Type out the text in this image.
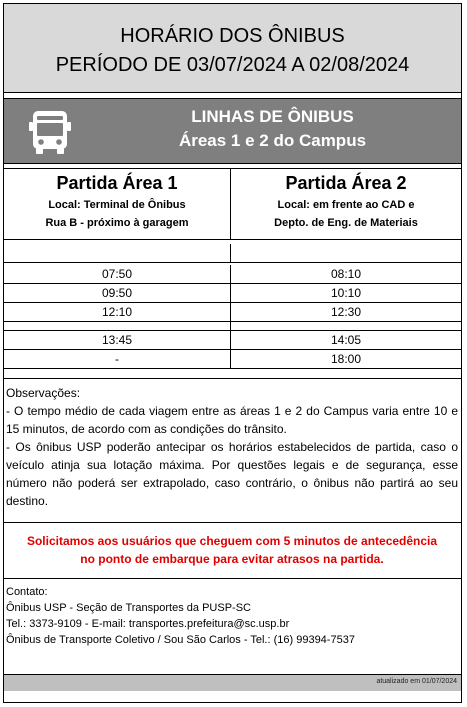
HORÁRIO DOS ÔNIBUS
PERÍODO DE 03/07/2024 A 02/08/2024
LINHAS DE ÔNIBUS
Áreas 1 e 2 do Campus
Partida Área 1
Local: Terminal de Ônibus
Rua B - próximo à garagem
Partida Área 2
Local: em frente ao CAD e
Depto. de Eng. de Materiais
07:50	08:10
09:50	10:10
12:10	12:30
13:45	14:05
-	18:00

Observações:

- O tempo médio de cada viagem entre as áreas 1 e 2 do Campus varia entre 10 e 15 minutos, de acordo com as condições do trânsito.

- Os ônibus USP poderão antecipar os horários estabelecidos de partida, caso o veículo atinja sua lotação máxima. Por questões legais e de segurança, esse número não poderá ser extrapolado, caso contrário, o ônibus não partirá ao seu destino.

Solicitamos aos usuários que cheguem com 5 minutos de antecedência
no ponto de embarque para evitar atrasos na partida.
Contato:
Ônibus USP - Seção de Transportes da PUSP-SC
Tel.: 3373-9109 - E-mail: transportes.prefeitura@sc.usp.br
Ônibus de Transporte Coletivo / Sou São Carlos - Tel.: (16) 99394-7537
atualizado em 01/07/2024
